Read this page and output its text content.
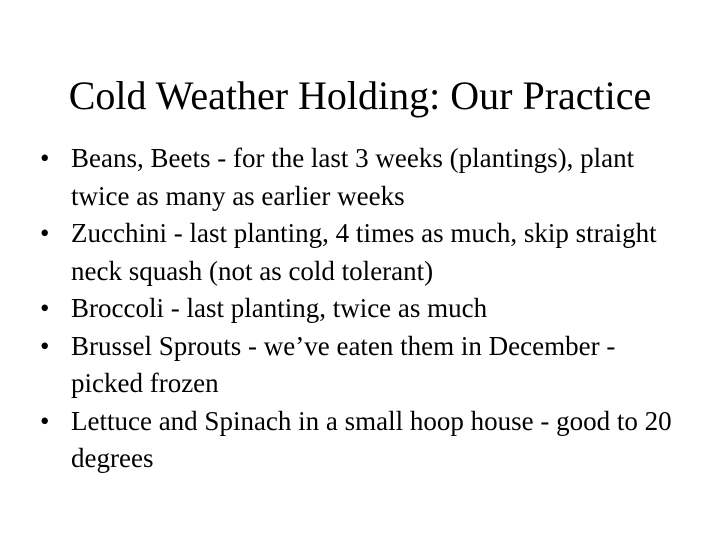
Cold Weather Holding: Our Practice
• Beans, Beets - for the last 3 weeks (plantings), plant twice as many as earlier weeks
• Zucchini - last planting, 4 times as much, skip straight neck squash (not as cold tolerant)
• Broccoli - last planting, twice as much
• Brussel Sprouts - we’ve eaten them in December - picked frozen
• Lettuce and Spinach in a small hoop house - good to 20 degrees
